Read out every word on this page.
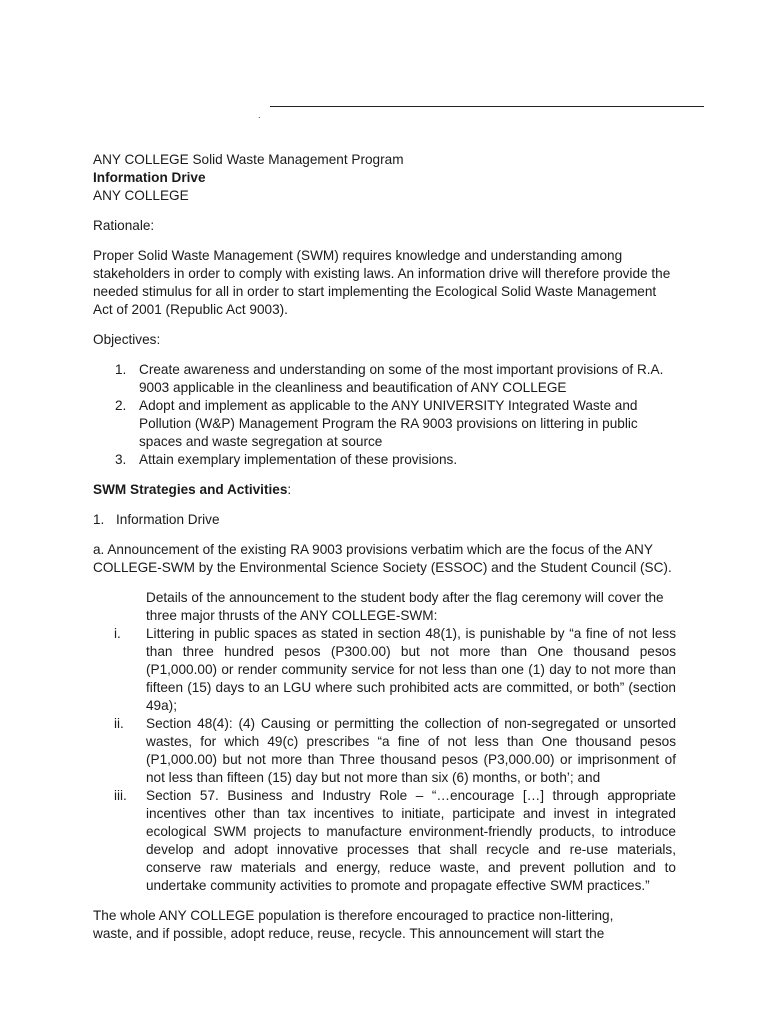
.

ANY COLLEGE Solid Waste Management Program

Information Drive

ANY COLLEGE

Rationale:

Proper Solid Waste Management (SWM) requires knowledge and understanding among stakeholders in order to comply with existing laws. An information drive will therefore provide the needed stimulus for all in order to start implementing the Ecological Solid Waste Management Act of 2001 (Republic Act 9003).

Objectives:

1. Create awareness and understanding on some of the most important provisions of R.A. 9003 applicable in the cleanliness and beautification of ANY COLLEGE
2. Adopt and implement as applicable to the ANY UNIVERSITY Integrated Waste and Pollution (W&P) Management Program the RA 9003 provisions on littering in public spaces and waste segregation at source
3. Attain exemplary implementation of these provisions.

SWM Strategies and Activities:

1. Information Drive

a. Announcement of the existing RA 9003 provisions verbatim which are the focus of the ANY COLLEGE-SWM by the Environmental Science Society (ESSOC) and the Student Council (SC).

Details of the announcement to the student body after the flag ceremony will cover the three major thrusts of the ANY COLLEGE-SWM:

i.	Littering in public spaces as stated in section 48(1), is punishable by “a fine of not less than three hundred pesos (P300.00) but not more than One thousand pesos (P1,000.00) or render community service for not less than one (1) day to not more than fifteen (15) days to an LGU where such prohibited acts are committed, or both” (section 49a);
ii.	Section 48(4): (4) Causing or permitting the collection of non-segregated or unsorted wastes, for which 49(c) prescribes “a fine of not less than One thousand pesos (P1,000.00) but not more than Three thousand pesos (P3,000.00) or imprisonment of not less than fifteen (15) day but not more than six (6) months, or both’; and
iii.	Section 57. Business and Industry Role – “…encourage […] through appropriate incentives other than tax incentives to initiate, participate and invest in integrated ecological SWM projects to manufacture environment-friendly products, to introduce develop and adopt innovative processes that shall recycle and re-use materials, conserve raw materials and energy, reduce waste, and prevent pollution and to undertake community activities to promote and propagate effective SWM practices.”

The whole ANY COLLEGE population is therefore encouraged to practice non-littering,

waste, and if possible, adopt reduce, reuse, recycle. This announcement will start the
